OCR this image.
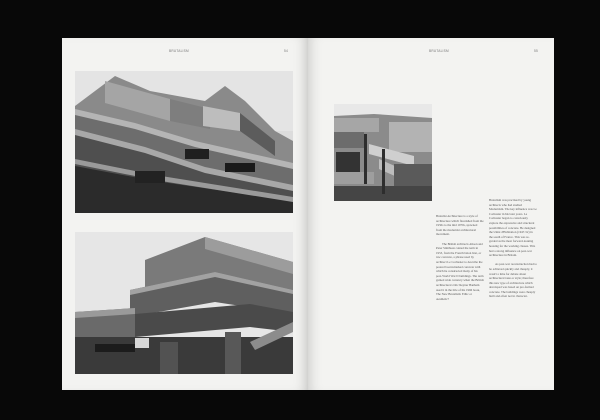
BRUTALISM	54	BRUTALISM	55

Brutalist Architecture is a style of architecture which flourished from the 1950s to the mid 1970s, spawned from the modernist architectural movement.

The British architects Alison and Peter Smithson coined the term in 1953, from the French béton brut, or raw concrete, a phrase used by architect Le Corbusier to describe the poured board-marked concrete with which he constructed many of his post-World War II buildings. The term gained wide currency when the British architectural critic Reyner Banham used it in the title of his 1966 book, The New Brutalism: Ethic or Aesthetic?

Brutalism was practised by young architects who had studied Modernism. The key influence was Le Corbusier in his later years. Le Corbusier began to consciously explore the expressive and structural possibilities of concrete. He designed the Unité d'Habitation (1947-52) in the south of France. This was re-garded as the most forward-looking housing for the working classes. This had a strong influence on post-war architecture in Britain.

As post-war reconstruction had to be achieved quickly and cheaply, it wasn't a time for debate about architectural taste or style; therefore this new type of architecture which developed was based on pre-formed concrete. The buildings were cheaply built and often not in character.
